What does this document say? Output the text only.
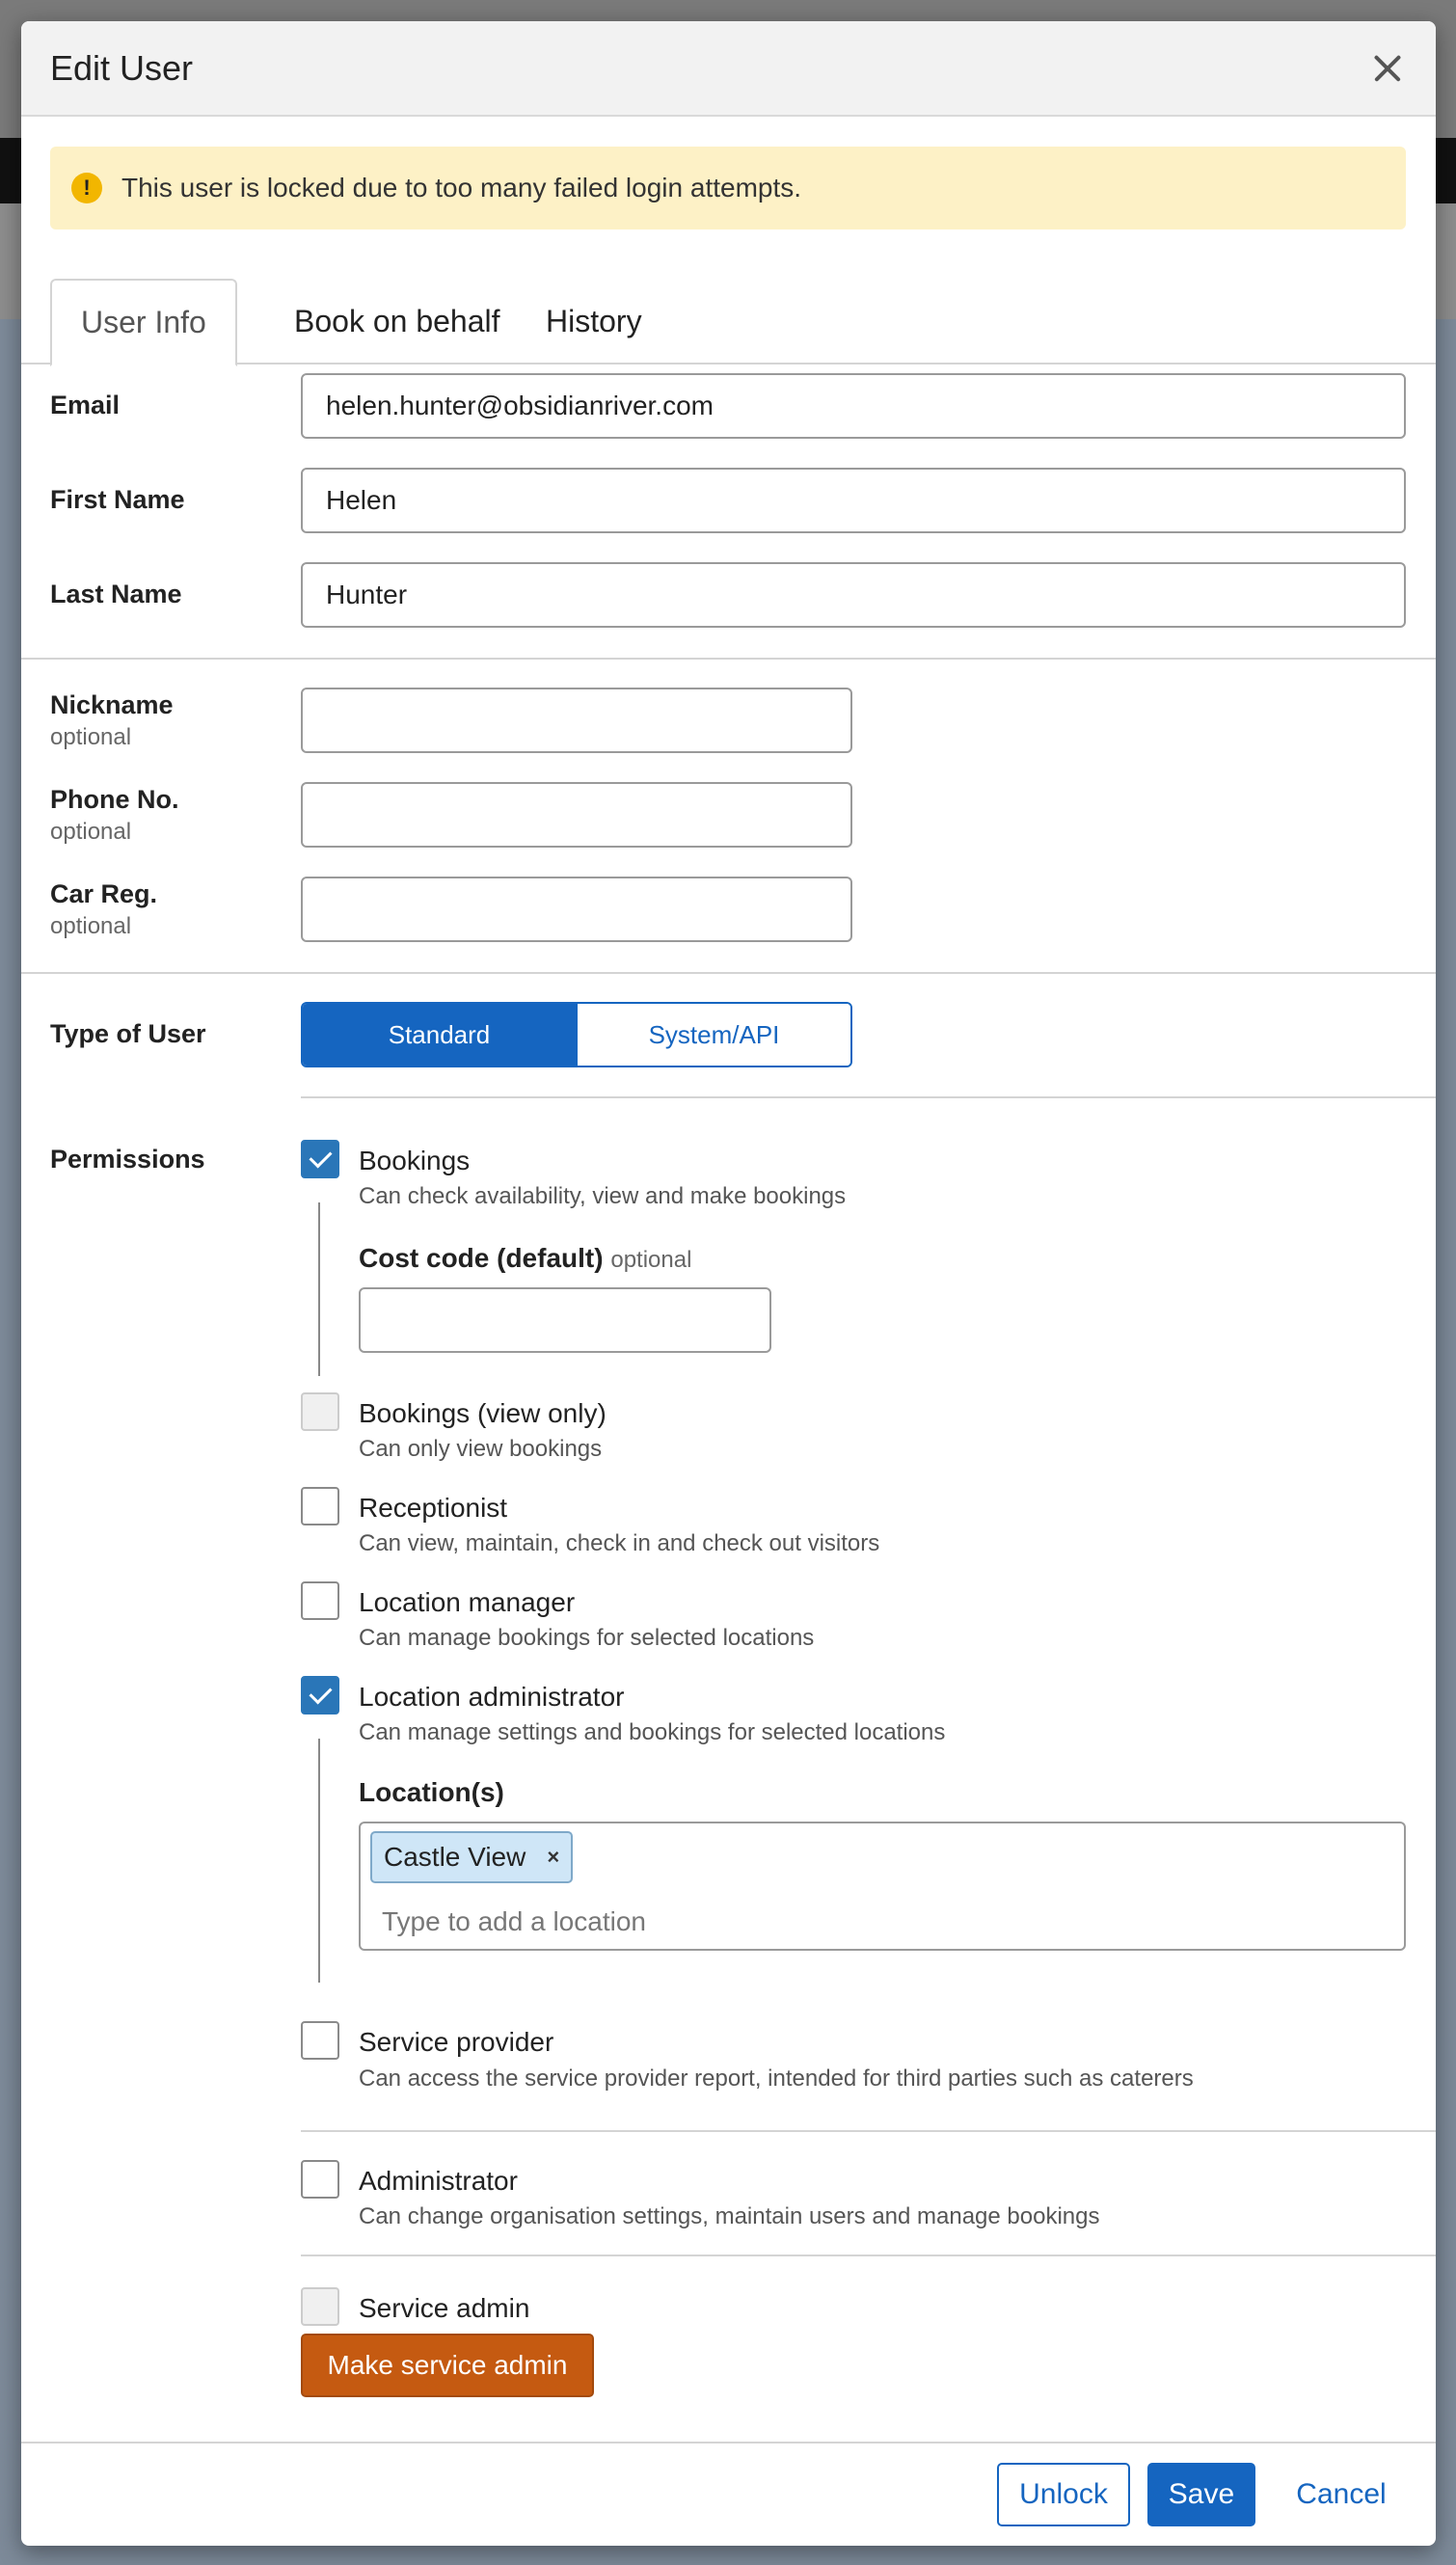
Edit User
!	This user is locked due to too many failed login attempts.
User Info	Book on behalf	History
Email
helen.hunter@obsidianriver.com
First Name
Helen
Last Name
Hunter
Nickname
optional
Phone No.
optional
Car Reg.
optional
Type of User	Standard	System/API
Permissions	Bookings
Can check availability, view and make bookings
Cost code (default) optional
Bookings (view only)
Can only view bookings
Receptionist
Can view, maintain, check in and check out visitors
Location manager
Can manage bookings for selected locations
Location administrator
Can manage settings and bookings for selected locations
Location(s)
Castle View ×
Type to add a location
Service provider
Can access the service provider report, intended for third parties such as caterers
Administrator
Can change organisation settings, maintain users and manage bookings
Service admin
Make service admin
Unlock	Save	Cancel
